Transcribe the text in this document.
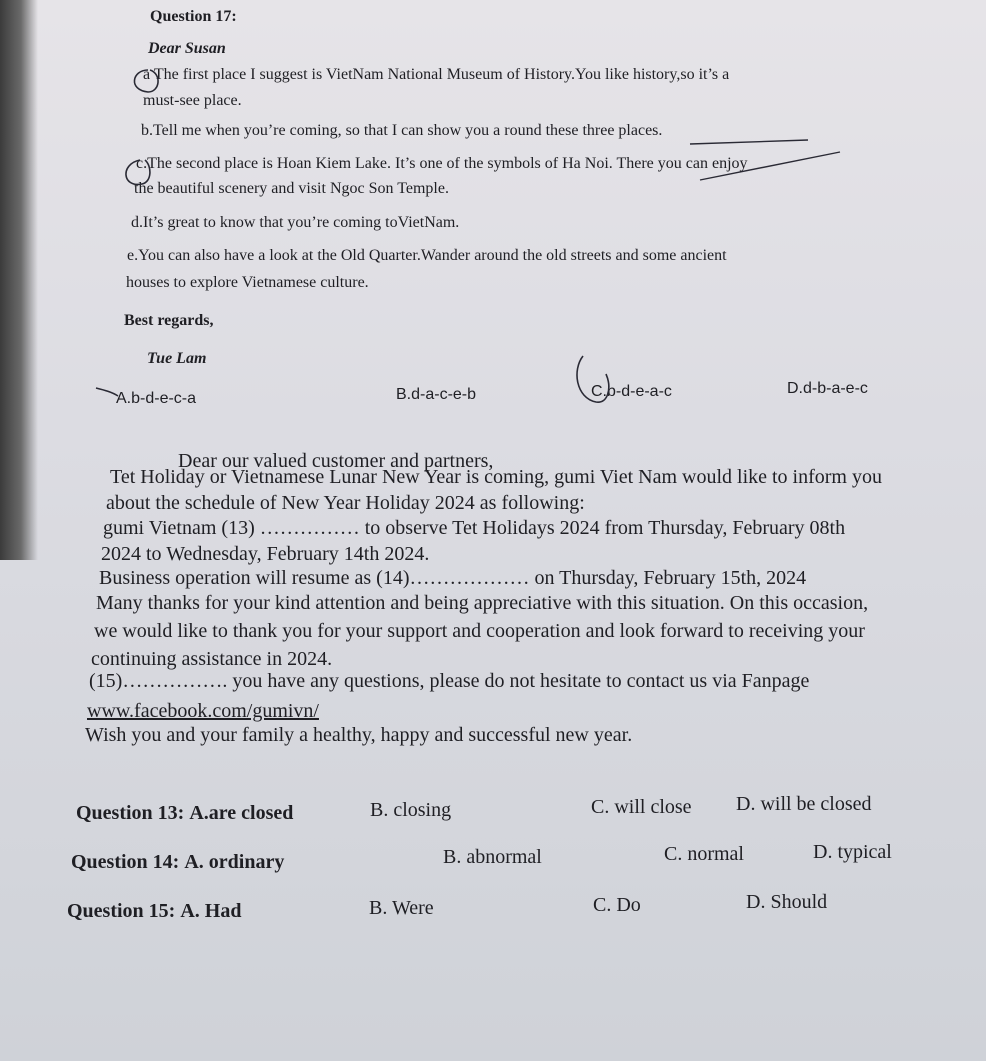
Question 17:
Dear Susan
a The first place I suggest is VietNam National Museum of History.You like history,so it’s a
must-see place.
b.Tell me when you’re coming, so that I can show you a round these three places.
c.The second place is Hoan Kiem Lake. It’s one of the symbols of Ha Noi. There you can enjoy
the beautiful scenery and visit Ngoc Son Temple.
d.It’s great to know that you’re coming toVietNam.
e.You can also have a look at the Old Quarter.Wander around the old streets and some ancient
houses to explore Vietnamese culture.
Best regards,
Tue Lam
A.b-d-e-c-a	B.d-a-c-e-b	C.b-d-e-a-c	D.d-b-a-e-c
Dear our valued customer and partners,
Tet Holiday or Vietnamese Lunar New Year is coming, gumi Viet Nam would like to inform you
about the schedule of New Year Holiday 2024 as following:
gumi Vietnam (13) …………… to observe Tet Holidays 2024 from Thursday, February 08th
2024 to Wednesday, February 14th 2024.
Business operation will resume as (14)……………… on Thursday, February 15th, 2024
Many thanks for your kind attention and being appreciative with this situation. On this occasion,
we would like to thank you for your support and cooperation and look forward to receiving your
continuing assistance in 2024.
(15)……………. you have any questions, please do not hesitate to contact us via Fanpage
www.facebook.com/gumivn/
Wish you and your family a healthy, happy and successful new year.
Question 13: A.are closed	B. closing	C. will close D. will be closed
Question 14: A. ordinary	B. abnormal	C. normal	D. typical
Question 15: A. Had	B. Were	C. Do	D. Should
